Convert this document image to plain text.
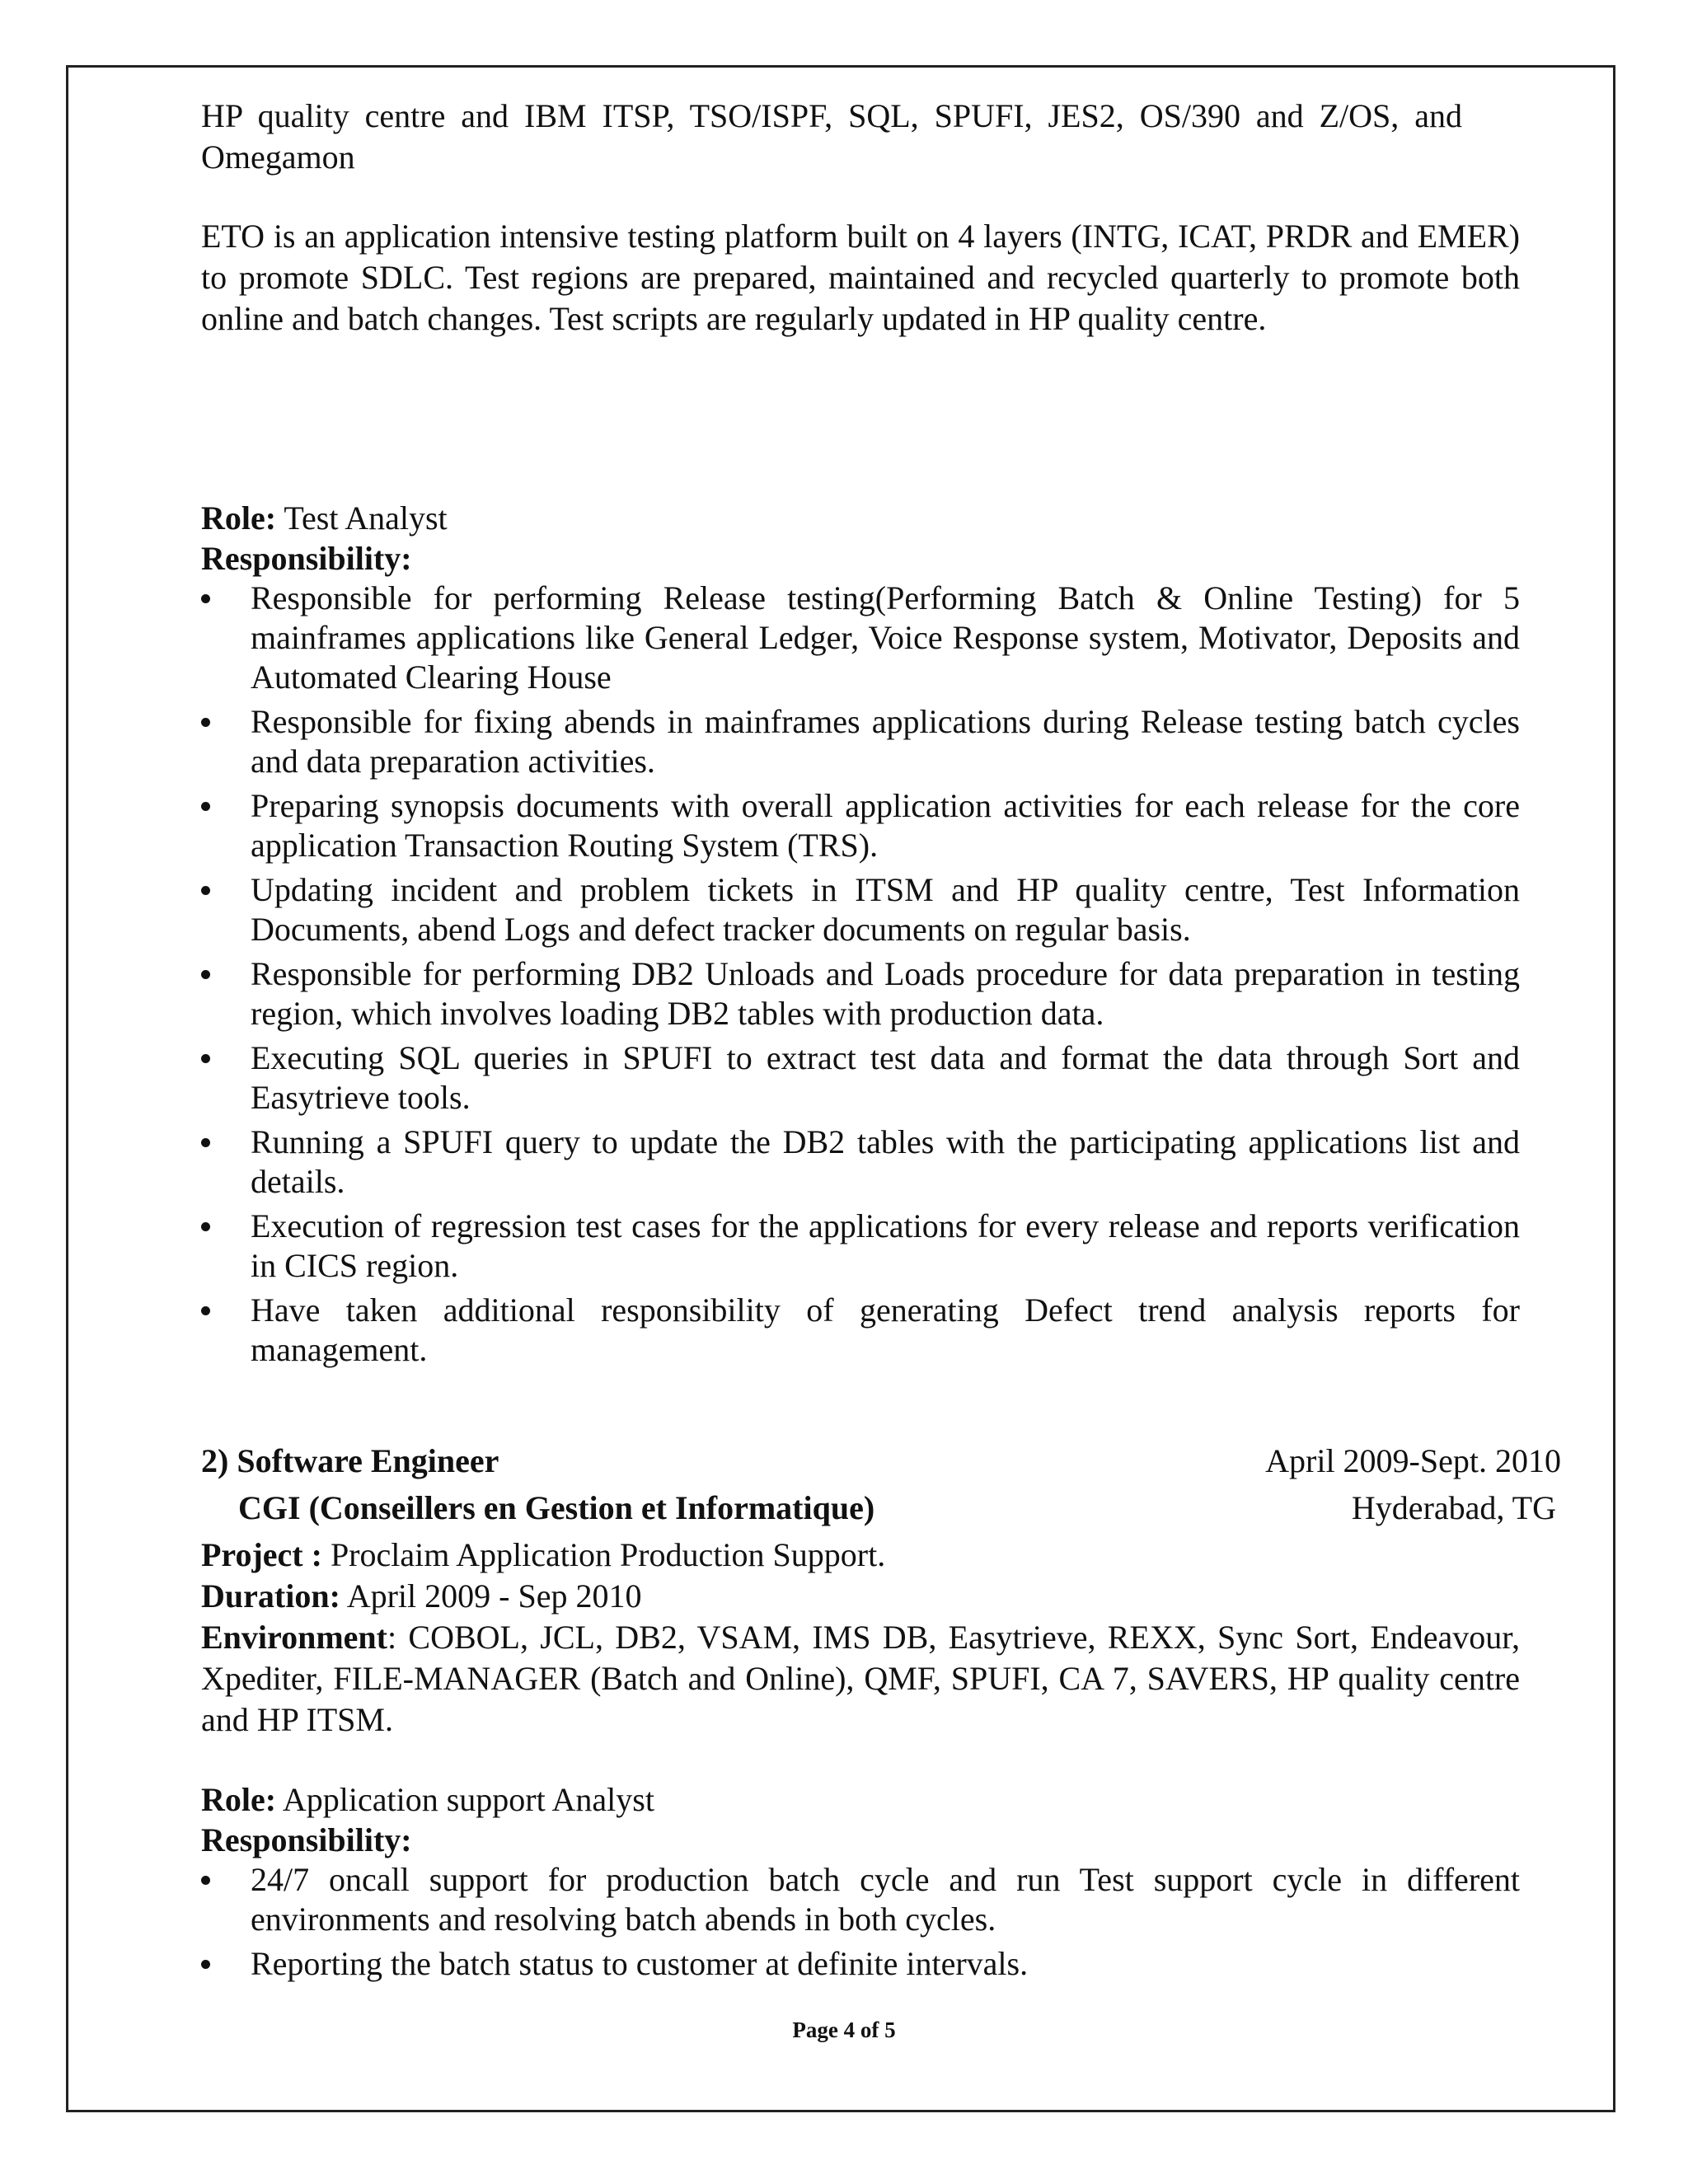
HP quality centre and IBM ITSP, TSO/ISPF, SQL, SPUFI, JES2, OS/390 and Z/OS, and Omegamon

ETO is an application intensive testing platform built on 4 layers (INTG, ICAT, PRDR and EMER) to promote SDLC. Test regions are prepared, maintained and recycled quarterly to promote both online and batch changes. Test scripts are regularly updated in HP quality centre.

Role: Test Analyst
Responsibility:
Responsible for performing Release testing(Performing Batch & Online Testing) for 5 mainframes applications like General Ledger, Voice Response system, Motivator, Deposits and Automated Clearing House
Responsible for fixing abends in mainframes applications during Release testing batch cycles and data preparation activities.
Preparing synopsis documents with overall application activities for each release for the core application Transaction Routing System (TRS).
Updating incident and problem tickets in ITSM and HP quality centre, Test Information Documents, abend Logs and defect tracker documents on regular basis.
Responsible for performing DB2 Unloads and Loads procedure for data preparation in testing region, which involves loading DB2 tables with production data.
Executing SQL queries in SPUFI to extract test data and format the data through Sort and Easytrieve tools.
Running a SPUFI query to update the DB2 tables with the participating applications list and details.
Execution of regression test cases for the applications for every release and reports verification in CICS region.
Have taken additional responsibility of generating Defect trend analysis reports for management.
2) Software Engineer	April 2009-Sept. 2010
CGI (Conseillers en Gestion et Informatique)	Hyderabad, TG
Project : Proclaim Application Production Support.
Duration: April 2009 - Sep 2010

Environment: COBOL, JCL, DB2, VSAM, IMS DB, Easytrieve, REXX, Sync Sort, Endeavour, Xpediter, FILE-MANAGER (Batch and Online), QMF, SPUFI, CA 7, SAVERS, HP quality centre and HP ITSM.

Role: Application support Analyst
Responsibility:
24/7 oncall support for production batch cycle and run Test support cycle in different environments and resolving batch abends in both cycles.
Reporting the batch status to customer at definite intervals.
Page 4 of 5
